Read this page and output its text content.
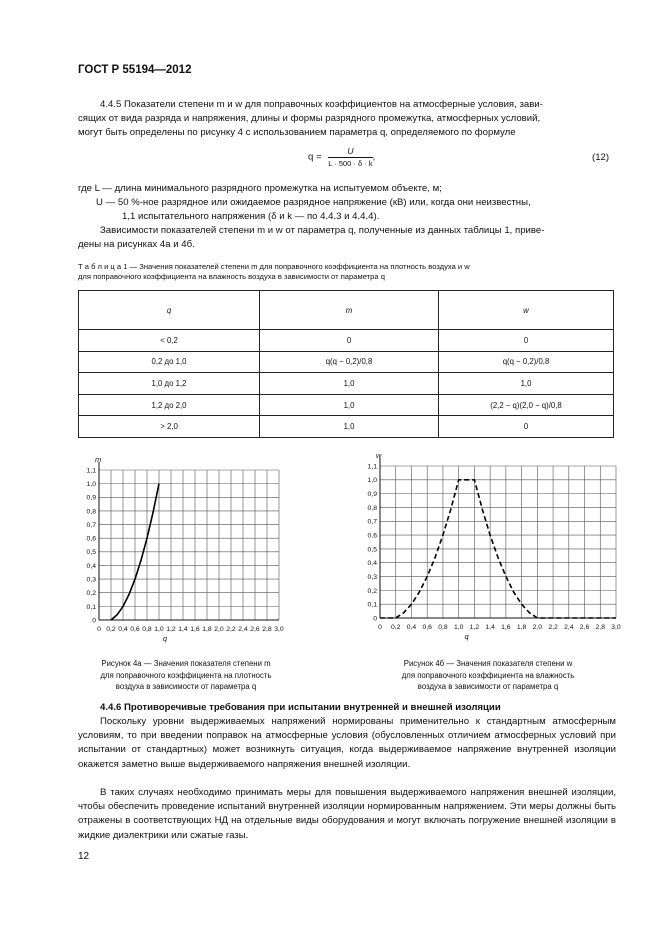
ГОСТ Р 55194—2012
4.4.5 Показатели степени m и w для поправочных коэффициентов на атмосферные условия, зави-
сящих от вида разряда и напряжения, длины и формы разрядного промежутка, атмосферных условий,
могут быть определены по рисунку 4 с использованием параметра q, определяемого по формуле
$q = \frac{U}{L \cdot 500 \cdot \delta \cdot k}$ ,	(12)
где L — длина минимального разрядного промежутка на испытуемом объекте, м;
U — 50 %-ное разрядное или ожидаемое разрядное напряжение (кВ) или, когда они неизвестны,
1,1 испытательного напряжения (δ и k — по 4.4.3 и 4.4.4).
Зависимости показателей степени m и w от параметра q, полученные из данных таблицы 1, приве-
дены на рисунках 4а и 4б.
Т а б л и ц а 1 — Значения показателей степени m для поправочного коэффициента на плотность воздуха и w
для поправочного коэффициента на влажность воздуха в зависимости от параметра q
q	m	w
< 0,2	0	0
0,2 до 1,0	q(q − 0,2)/0,8	q(q − 0,2)/0,8
1,0 до 1,2	1,0	1,0
1,2 до 2,0	1,0	(2,2 − q)(2,0 − q)/0,8
> 2,0	1,0	0
0 0,2 0,4 0,6 0,8 1,0 1,2 1,4 1,6 1,8 2,0 2,2 2,4 2,6 2,8 3,0
0
0,1
0,2
0,3
0,4
0,5
0,6
0,7
0,8
0,9
1,0
1,1
m
q
0 0,2 0,4 0,6 0,8 1,0 1,2 1,4 1,6 1,8 2,0 2,2 2,4 2,6 2,8 3,0
0
0,1
0,2
0,3
0,4
0,5
0,6
0,7
0,8
0,9
1,0
1,1
w
q
Рисунок 4а — Значения показателя степени m
для поправочного коэффициента на плотность
воздуха в зависимости от параметра q
Рисунок 4б — Значения показателя степени w
для поправочного коэффициента на влажность
воздуха в зависимости от параметра q
4.4.6 Противоречивые требования при испытании внутренней и внешней изоляции
Поскольку уровни выдерживаемых напряжений нормированы применительно к стандартным атмосферным условиям, то при введении поправок на атмосферные условия (обусловленных отличием атмосферных условий при испытании от стандартных) может возникнуть ситуация, когда выдерживаемое напряжение внутренней изоляции окажется заметно выше выдерживаемого напряжения внешней изоляции.
В таких случаях необходимо принимать меры для повышения выдерживаемого напряжения внешней изоляции, чтобы обеспечить проведение испытаний внутренней изоляции нормированным напряжением. Эти меры должны быть отражены в соответствующих НД на отдельные виды оборудования и могут включать погружение внешней изоляции в жидкие диэлектрики или сжатые газы.
12
